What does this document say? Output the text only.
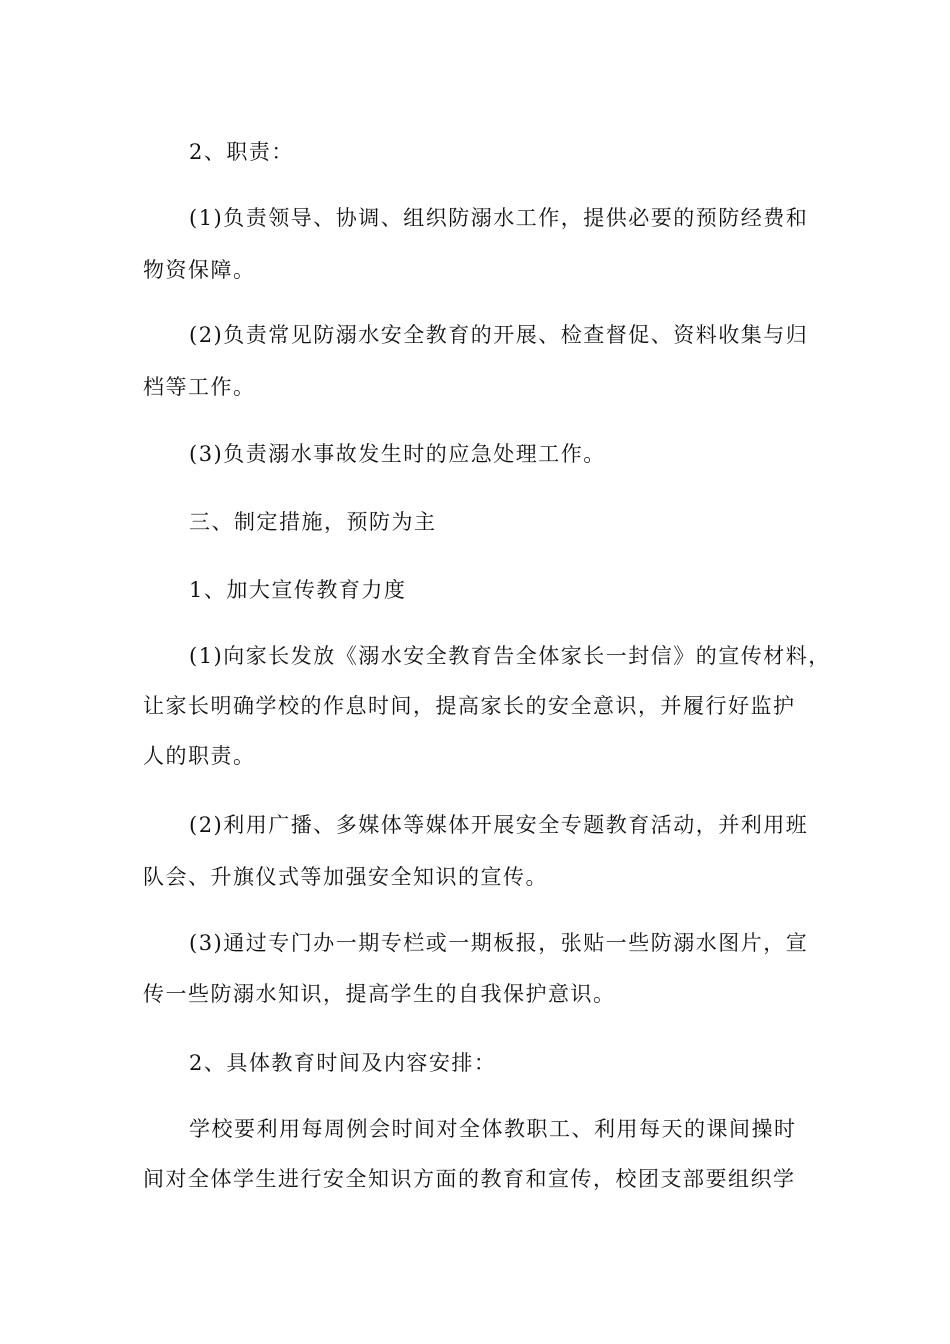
2、职责：
(1)负责领导、协调、组织防溺水工作，提供必要的预防经费和
物资保障。
(2)负责常见防溺水安全教育的开展、检查督促、资料收集与归
档等工作。
(3)负责溺水事故发生时的应急处理工作。
三、制定措施，预防为主
1、加大宣传教育力度
(1)向家长发放《溺水安全教育告全体家长一封信》的宣传材料，
让家长明确学校的作息时间，提高家长的安全意识，并履行好监护
人的职责。
(2)利用广播、多媒体等媒体开展安全专题教育活动，并利用班
队会、升旗仪式等加强安全知识的宣传。
(3)通过专门办一期专栏或一期板报，张贴一些防溺水图片，宣
传一些防溺水知识，提高学生的自我保护意识。
2、具体教育时间及内容安排：
学校要利用每周例会时间对全体教职工、利用每天的课间操时
间对全体学生进行安全知识方面的教育和宣传，校团支部要组织学
